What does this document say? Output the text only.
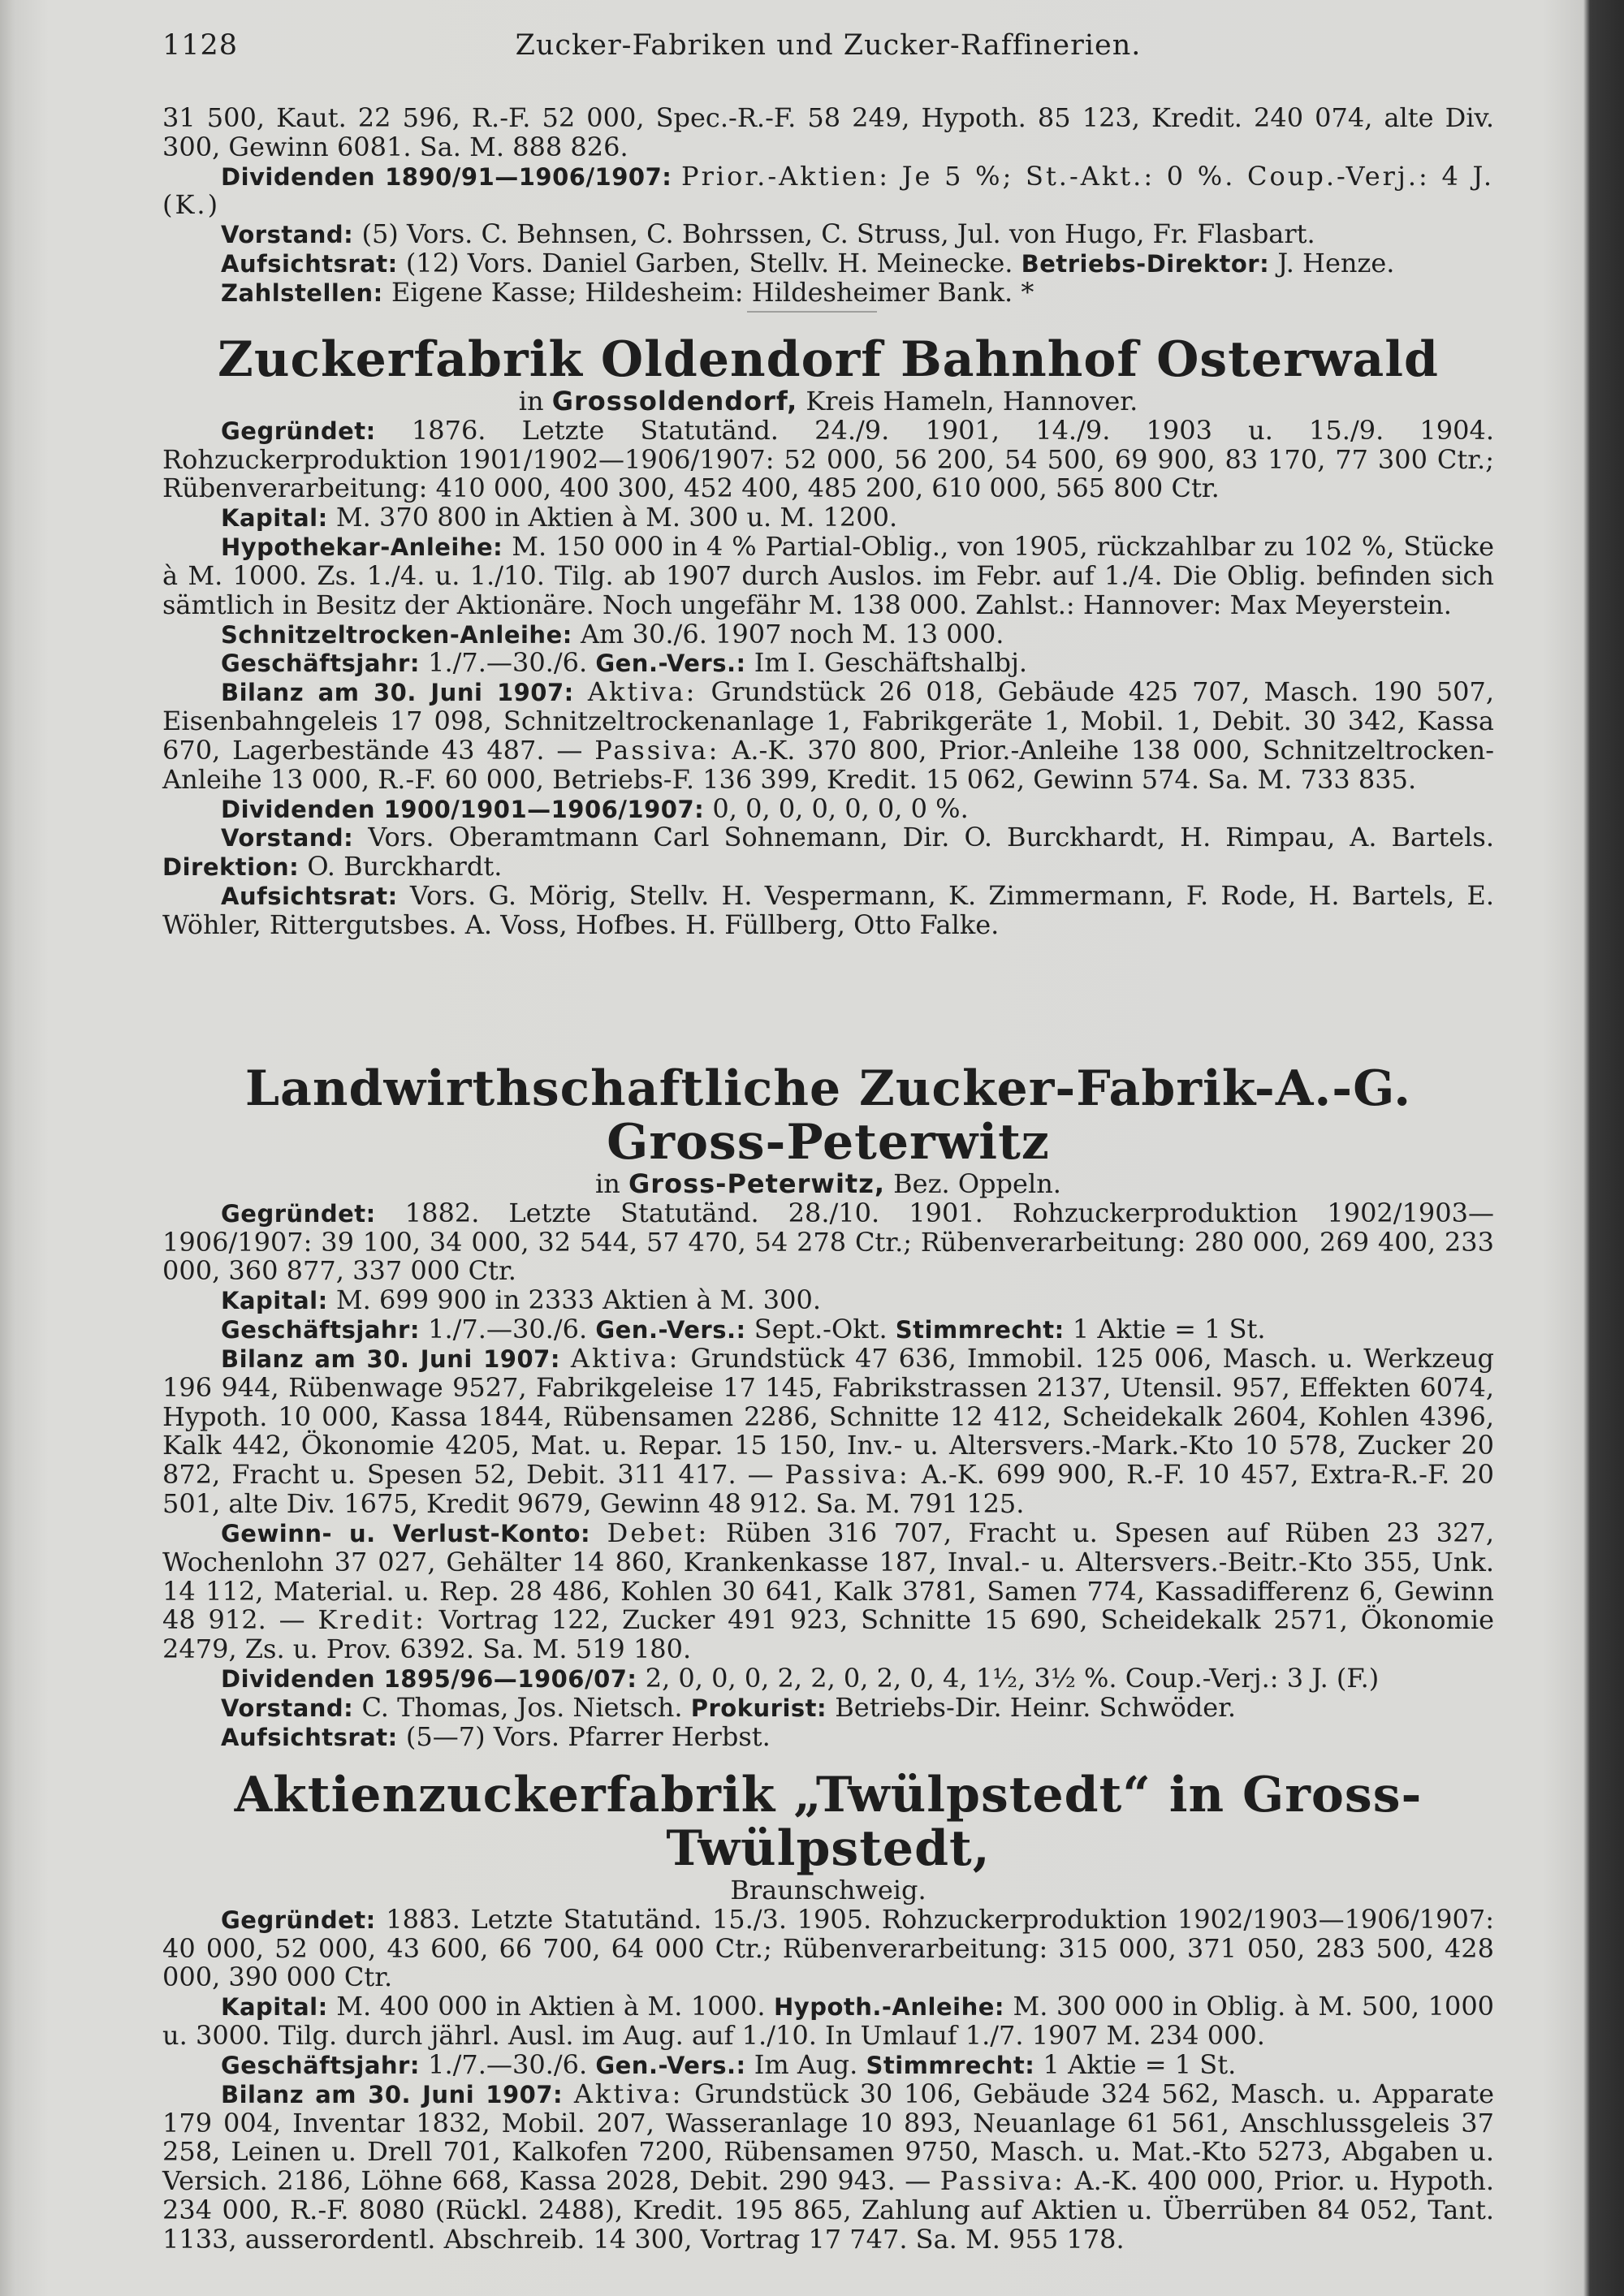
1128	Zucker-Fabriken und Zucker-Raffinerien.

31 500, Kaut. 22 596, R.-F. 52 000, Spec.-R.-F. 58 249, Hypoth. 85 123, Kredit. 240 074, alte Div. 300, Gewinn 6081. Sa. M. 888 826.

Dividenden 1890/91—1906/1907: Prior.-Aktien: Je 5 %; St.-Akt.: 0 %. Coup.-Verj.: 4 J. (K.)

Vorstand: (5) Vors. C. Behnsen, C. Bohrssen, C. Struss, Jul. von Hugo, Fr. Flasbart.

Aufsichtsrat: (12) Vors. Daniel Garben, Stellv. H. Meinecke. Betriebs-Direktor: J. Henze.

Zahlstellen: Eigene Kasse; Hildesheim: Hildesheimer Bank. *

Zuckerfabrik Oldendorf Bahnhof Osterwald
in Grossoldendorf, Kreis Hameln, Hannover.

Gegründet: 1876. Letzte Statutänd. 24./9. 1901, 14./9. 1903 u. 15./9. 1904. Rohzuckerproduktion 1901/1902—1906/1907: 52 000, 56 200, 54 500, 69 900, 83 170, 77 300 Ctr.; Rübenverarbeitung: 410 000, 400 300, 452 400, 485 200, 610 000, 565 800 Ctr.

Kapital: M. 370 800 in Aktien à M. 300 u. M. 1200.

Hypothekar-Anleihe: M. 150 000 in 4 % Partial-Oblig., von 1905, rückzahlbar zu 102 %, Stücke à M. 1000. Zs. 1./4. u. 1./10. Tilg. ab 1907 durch Auslos. im Febr. auf 1./4. Die Oblig. befinden sich sämtlich in Besitz der Aktionäre. Noch ungefähr M. 138 000. Zahlst.: Hannover: Max Meyerstein.

Schnitzeltrocken-Anleihe: Am 30./6. 1907 noch M. 13 000.

Geschäftsjahr: 1./7.—30./6. Gen.-Vers.: Im I. Geschäftshalbj.

Bilanz am 30. Juni 1907: Aktiva: Grundstück 26 018, Gebäude 425 707, Masch. 190 507, Eisenbahngeleis 17 098, Schnitzeltrockenanlage 1, Fabrikgeräte 1, Mobil. 1, Debit. 30 342, Kassa 670, Lagerbestände 43 487. — Passiva: A.-K. 370 800, Prior.-Anleihe 138 000, Schnitzeltrocken-Anleihe 13 000, R.-F. 60 000, Betriebs-F. 136 399, Kredit. 15 062, Gewinn 574. Sa. M. 733 835.

Dividenden 1900/1901—1906/1907: 0, 0, 0, 0, 0, 0, 0 %.

Vorstand: Vors. Oberamtmann Carl Sohnemann, Dir. O. Burckhardt, H. Rimpau, A. Bartels. Direktion: O. Burckhardt.

Aufsichtsrat: Vors. G. Mörig, Stellv. H. Vespermann, K. Zimmermann, F. Rode, H. Bartels, E. Wöhler, Rittergutsbes. A. Voss, Hofbes. H. Füllberg, Otto Falke.

Landwirthschaftliche Zucker-Fabrik-A.-G. Gross-Peterwitz
in Gross-Peterwitz, Bez. Oppeln.

Gegründet: 1882. Letzte Statutänd. 28./10. 1901. Rohzuckerproduktion 1902/1903—1906/1907: 39 100, 34 000, 32 544, 57 470, 54 278 Ctr.; Rübenverarbeitung: 280 000, 269 400, 233 000, 360 877, 337 000 Ctr.

Kapital: M. 699 900 in 2333 Aktien à M. 300.

Geschäftsjahr: 1./7.—30./6. Gen.-Vers.: Sept.-Okt. Stimmrecht: 1 Aktie = 1 St.

Bilanz am 30. Juni 1907: Aktiva: Grundstück 47 636, Immobil. 125 006, Masch. u. Werkzeug 196 944, Rübenwage 9527, Fabrikgeleise 17 145, Fabrikstrassen 2137, Utensil. 957, Effekten 6074, Hypoth. 10 000, Kassa 1844, Rübensamen 2286, Schnitte 12 412, Scheidekalk 2604, Kohlen 4396, Kalk 442, Ökonomie 4205, Mat. u. Repar. 15 150, Inv.- u. Altersvers.-Mark.-Kto 10 578, Zucker 20 872, Fracht u. Spesen 52, Debit. 311 417. — Passiva: A.-K. 699 900, R.-F. 10 457, Extra-R.-F. 20 501, alte Div. 1675, Kredit 9679, Gewinn 48 912. Sa. M. 791 125.

Gewinn- u. Verlust-Konto: Debet: Rüben 316 707, Fracht u. Spesen auf Rüben 23 327, Wochenlohn 37 027, Gehälter 14 860, Krankenkasse 187, Inval.- u. Altersvers.-Beitr.-Kto 355, Unk. 14 112, Material. u. Rep. 28 486, Kohlen 30 641, Kalk 3781, Samen 774, Kassadifferenz 6, Gewinn 48 912. — Kredit: Vortrag 122, Zucker 491 923, Schnitte 15 690, Scheidekalk 2571, Ökonomie 2479, Zs. u. Prov. 6392. Sa. M. 519 180.

Dividenden 1895/96—1906/07: 2, 0, 0, 0, 2, 2, 0, 2, 0, 4, 1½, 3½ %. Coup.-Verj.: 3 J. (F.)

Vorstand: C. Thomas, Jos. Nietsch. Prokurist: Betriebs-Dir. Heinr. Schwöder.

Aufsichtsrat: (5—7) Vors. Pfarrer Herbst.

Aktienzuckerfabrik „Twülpstedt“ in Gross-Twülpstedt,
Braunschweig.

Gegründet: 1883. Letzte Statutänd. 15./3. 1905. Rohzuckerproduktion 1902/1903—1906/1907: 40 000, 52 000, 43 600, 66 700, 64 000 Ctr.; Rübenverarbeitung: 315 000, 371 050, 283 500, 428 000, 390 000 Ctr.

Kapital: M. 400 000 in Aktien à M. 1000. Hypoth.-Anleihe: M. 300 000 in Oblig. à M. 500, 1000 u. 3000. Tilg. durch jährl. Ausl. im Aug. auf 1./10. In Umlauf 1./7. 1907 M. 234 000.

Geschäftsjahr: 1./7.—30./6. Gen.-Vers.: Im Aug. Stimmrecht: 1 Aktie = 1 St.

Bilanz am 30. Juni 1907: Aktiva: Grundstück 30 106, Gebäude 324 562, Masch. u. Apparate 179 004, Inventar 1832, Mobil. 207, Wasseranlage 10 893, Neuanlage 61 561, Anschlussgeleis 37 258, Leinen u. Drell 701, Kalkofen 7200, Rübensamen 9750, Masch. u. Mat.-Kto 5273, Abgaben u. Versich. 2186, Löhne 668, Kassa 2028, Debit. 290 943. — Passiva: A.-K. 400 000, Prior. u. Hypoth. 234 000, R.-F. 8080 (Rückl. 2488), Kredit. 195 865, Zahlung auf Aktien u. Überrüben 84 052, Tant. 1133, ausserordentl. Abschreib. 14 300, Vortrag 17 747. Sa. M. 955 178.
